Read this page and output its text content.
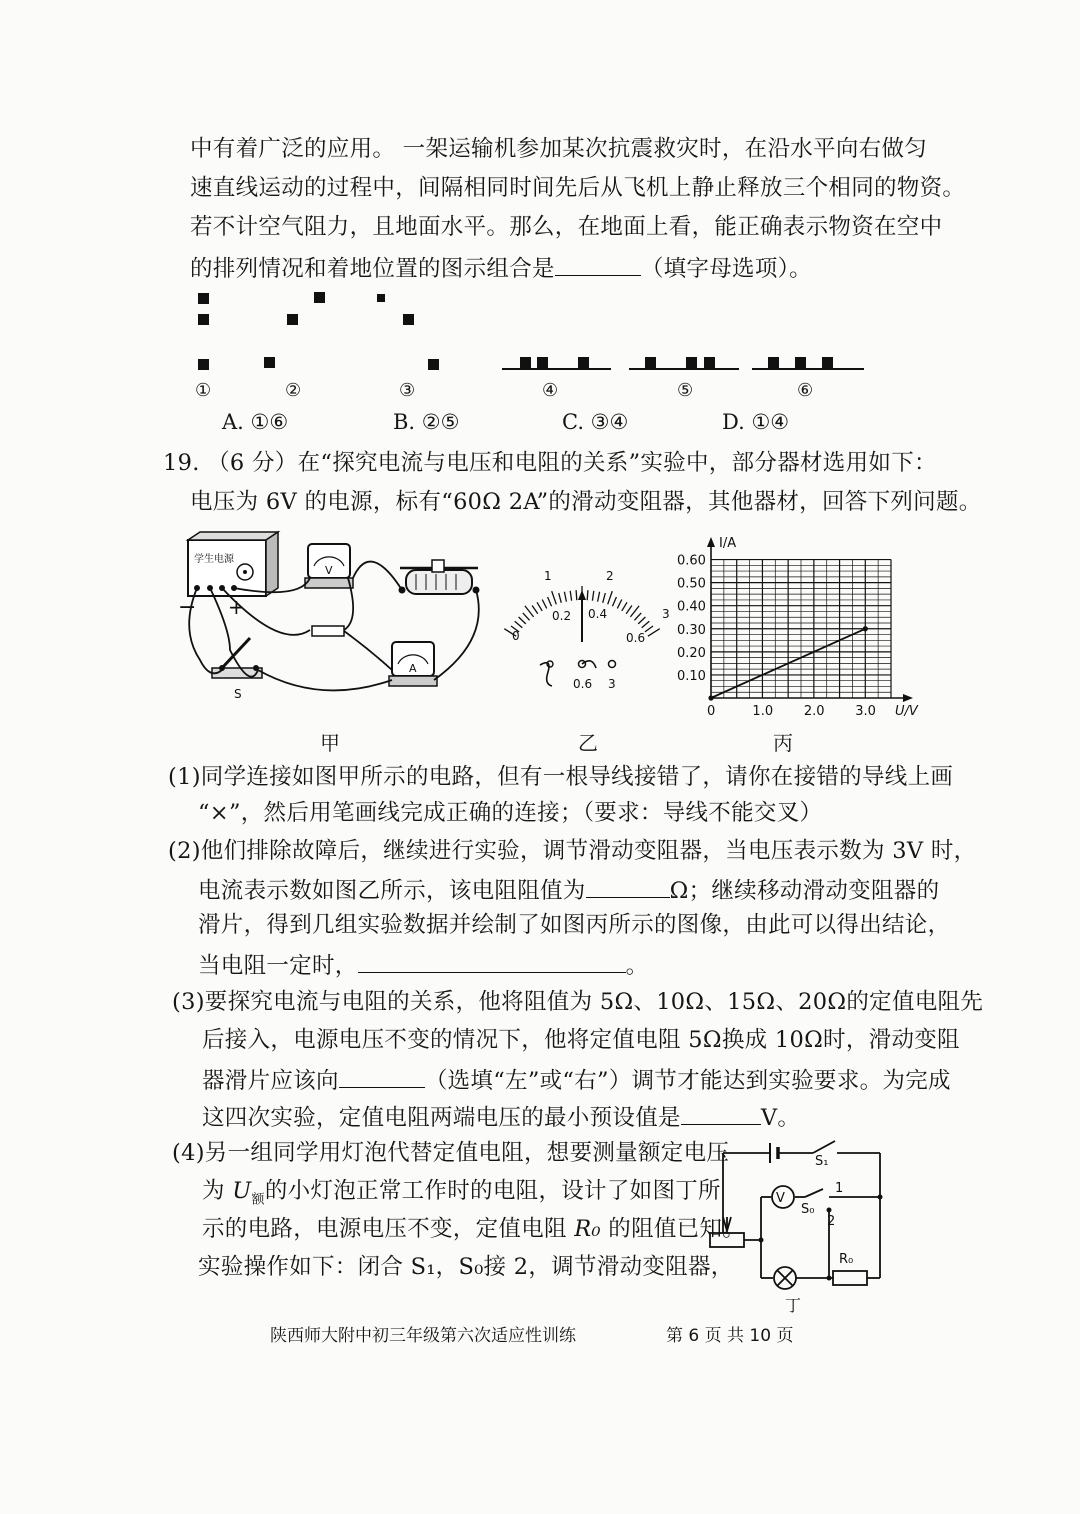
中有着广泛的应用。 一架运输机参加某次抗震救灾时，在沿水平向右做匀
速直线运动的过程中，间隔相同时间先后从飞机上静止释放三个相同的物资。
若不计空气阻力，且地面水平。那么，在地面上看，能正确表示物资在空中
的排列情况和着地位置的图示组合是	（填字母选项）。
①	②	③	④	⑤	⑥
A. ①⑥	B. ②⑤	C. ③④	D. ①④
19. （6 分）在“探究电流与电压和电阻的关系”实验中，部分器材选用如下：
电压为 6V 的电源，标有“60Ω 2A”的滑动变阻器，其他器材，回答下列问题。
学生电源
− +
V
S
A
0
1	2
3
0.2 0.4
0.6
0.6 3
0.10
0.20
0.30
0.40
0.50
0.60
0	1.0 2.0 3.0
I/A
U/V
甲	乙	丙
(1)同学连接如图甲所示的电路，但有一根导线接错了，请你在接错的导线上画
“×”，然后用笔画线完成正确的连接；（要求：导线不能交叉）
(2)他们排除故障后，继续进行实验，调节滑动变阻器，当电压表示数为 3V 时，
电流表示数如图乙所示，该电阻阻值为	Ω；继续移动滑动变阻器的
滑片，得到几组实验数据并绘制了如图丙所示的图像，由此可以得出结论，
当电阻一定时，	。
(3)要探究电流与电阻的关系，他将阻值为 5Ω、10Ω、15Ω、20Ω的定值电阻先
后接入，电源电压不变的情况下，他将定值电阻 5Ω换成 10Ω时，滑动变阻
器滑片应该向	（选填“左”或“右”）调节才能达到实验要求。为完成
这四次实验，定值电阻两端电压的最小预设值是	V。
(4)另一组同学用灯泡代替定值电阻，想要测量额定电压
为 $U_额$的小灯泡正常工作时的电阻，设计了如图丁所
示的电路，电源电压不变，定值电阻 R₀ 的阻值已知。
实验操作如下：闭合 S₁，S₀接 2，调节滑动变阻器，
V
S₁
S₀
1
2
R₀
丁
陕西师大附中初三年级第六次适应性训练	第 6 页 共 10 页
